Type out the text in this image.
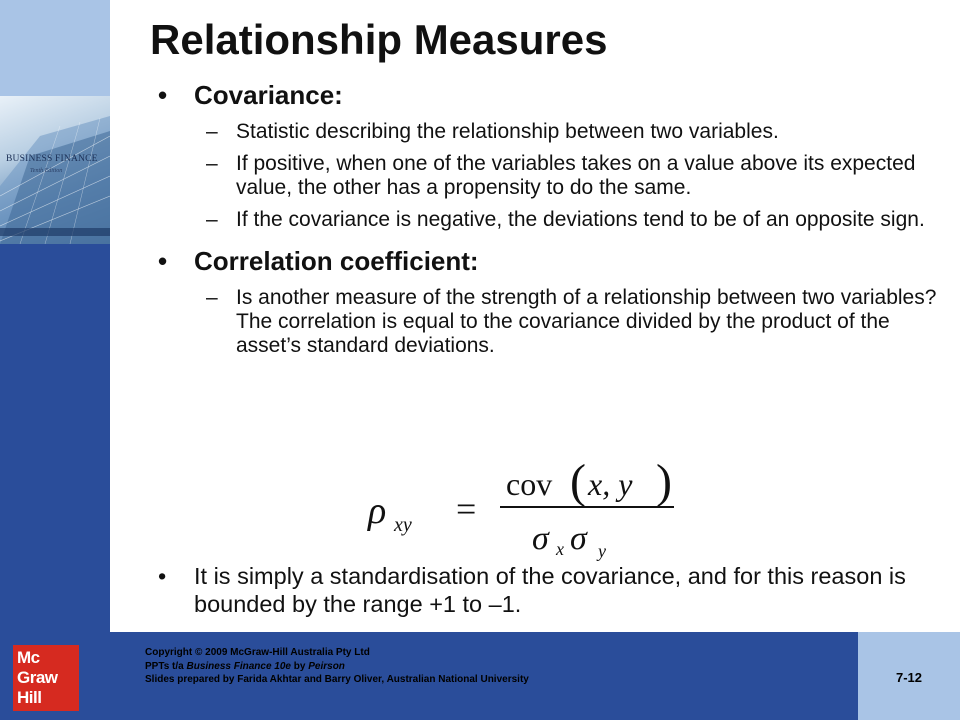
BUSINESS FINANCE
Tenth Edition
Relationship Measures
• Covariance:
– Statistic describing the relationship between two variables.
– If positive, when one of the variables takes on a value above its expected value, the other has a propensity to do the same.
– If the covariance is negative, the deviations tend to be of an opposite sign.
• Correlation coefficient:
– Is another measure of the strength of a relationship between two variables? The correlation is equal to the covariance divided by the product of the asset’s standard deviations.
ρ xy =
cov ( x, y )
σ x σ y
• It is simply a standardisation of the covariance, and for this reason is bounded by the range +1 to –1.
Mc
Graw
Hill
Copyright © 2009 McGraw-Hill Australia Pty Ltd
PPTs t/a Business Finance 10e by Peirson
Slides prepared by Farida Akhtar and Barry Oliver, Australian National University	7-12
